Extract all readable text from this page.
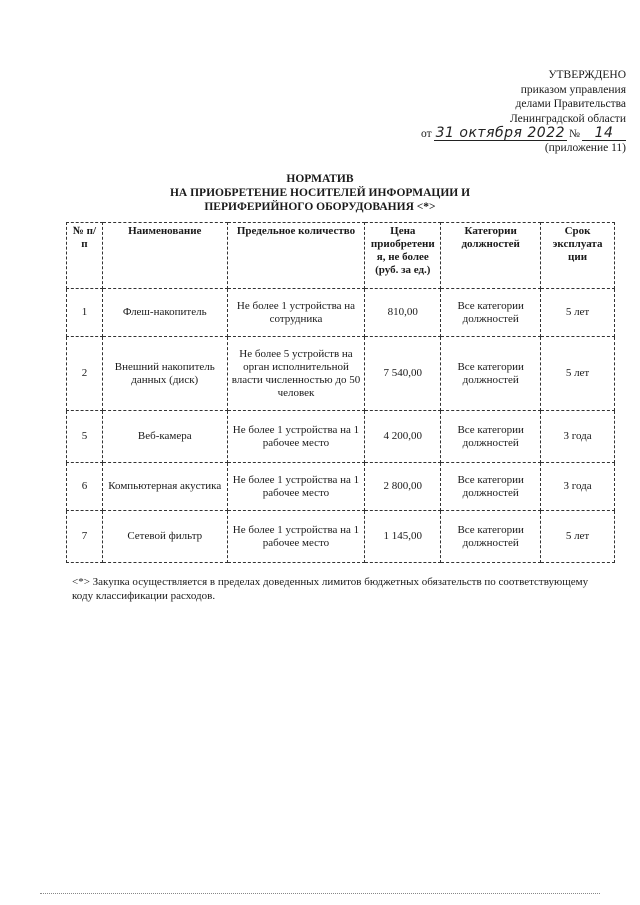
УТВЕРЖДЕНО
приказом управления
делами Правительства
Ленинградской области
от 31 октября 2022 №	14
(приложение 11)
НОРМАТИВ
НА ПРИОБРЕТЕНИЕ НОСИТЕЛЕЙ ИНФОРМАЦИИ И
ПЕРИФЕРИЙНОГО ОБОРУДОВАНИЯ <*>
№ п/п	Наименование	Предельное количество	Цена приобретени я, не более (руб. за ед.)	Категории должностей	Срок эксплуата ции
1	Флеш-накопитель	Не более 1 устройства на сотрудника	810,00	Все категории должностей	5 лет
2	Внешний накопитель данных (диск)	Не более 5 устройств на орган исполнительной власти численностью до 50 человек	7 540,00	Все категории должностей	5 лет
5	Веб-камера	Не более 1 устройства на 1 рабочее место	4 200,00	Все категории должностей	3 года
6	Компьютерная акустика	Не более 1 устройства на 1 рабочее место	2 800,00	Все категории должностей	3 года
7	Сетевой фильтр	Не более 1 устройства на 1 рабочее место	1 145,00	Все категории должностей	5 лет
<*> Закупка осуществляется в пределах доведенных лимитов бюджетных обязательств по соответствующему коду классификации расходов.
